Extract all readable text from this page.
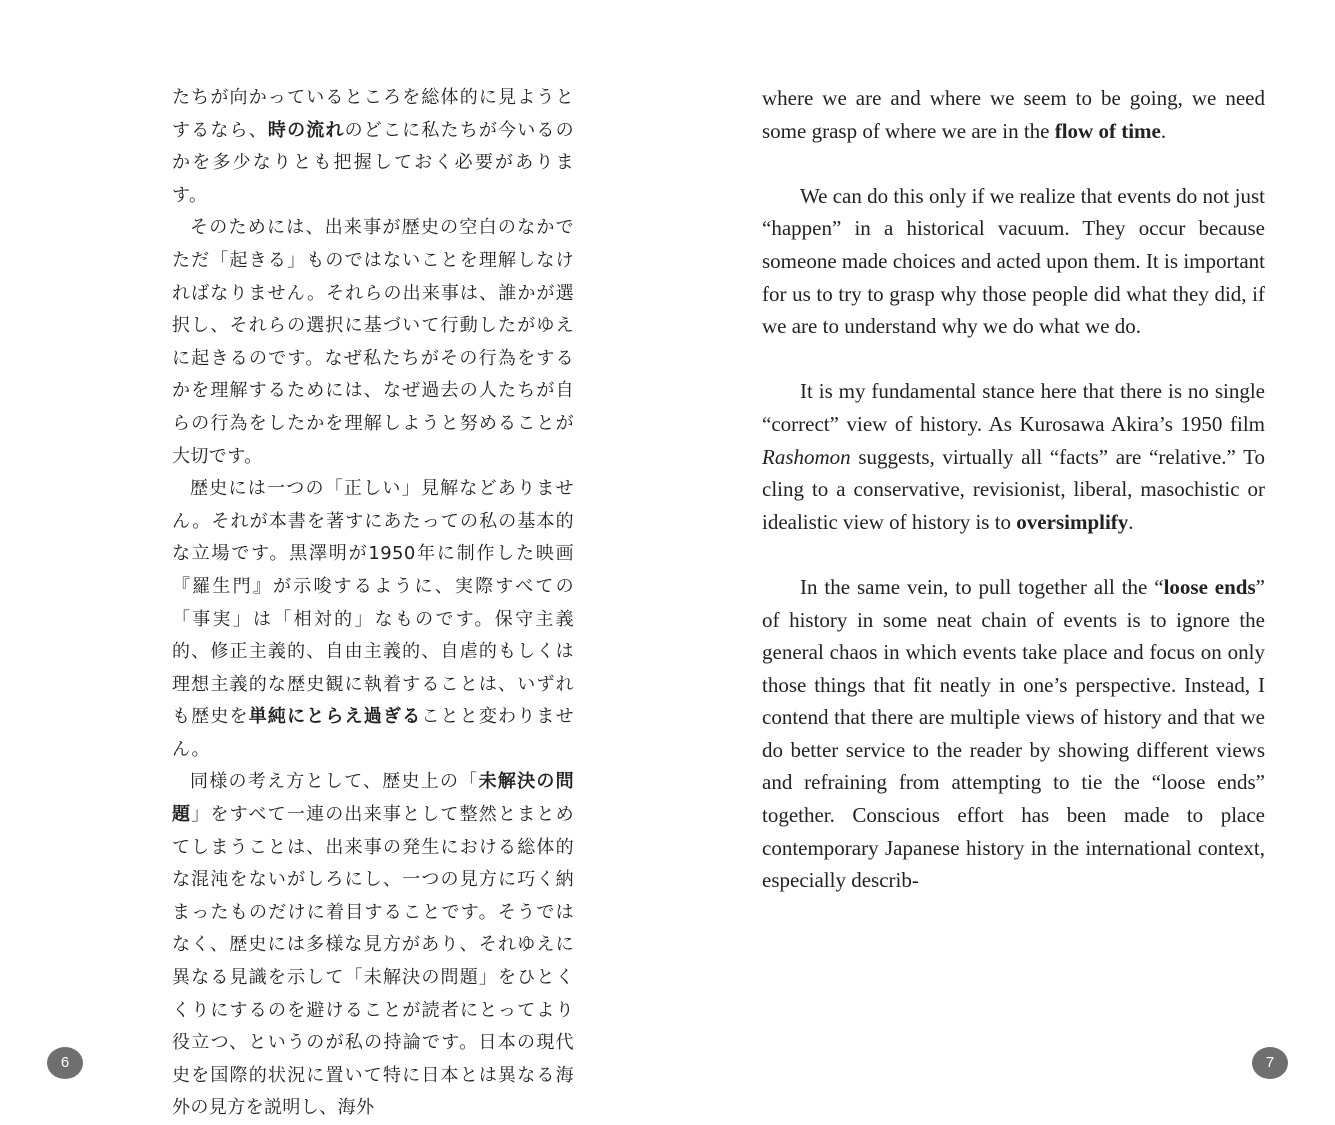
たちが向かっているところを総体的に見ようとするなら、時の流れのどこに私たちが今いるのかを多少なりとも把握しておく必要があります。

そのためには、出来事が歴史の空白のなかでただ「起きる」ものではないことを理解しなければなりません。それらの出来事は、誰かが選択し、それらの選択に基づいて行動したがゆえに起きるのです。なぜ私たちがその行為をするかを理解するためには、なぜ過去の人たちが自らの行為をしたかを理解しようと努めることが大切です。

歴史には一つの「正しい」見解などありません。それが本書を著すにあたっての私の基本的な立場です。黒澤明が1950年に制作した映画『羅生門』が示唆するように、実際すべての「事実」は「相対的」なものです。保守主義的、修正主義的、自由主義的、自虐的もしくは理想主義的な歴史観に執着することは、いずれも歴史を単純にとらえ過ぎることと変わりません。

同様の考え方として、歴史上の「未解決の問題」をすべて一連の出来事として整然とまとめてしまうことは、出来事の発生における総体的な混沌をないがしろにし、一つの見方に巧く納まったものだけに着目することです。そうではなく、歴史には多様な見方があり、それゆえに異なる見識を示して「未解決の問題」をひとくくりにするのを避けることが読者にとってより役立つ、というのが私の持論です。日本の現代史を国際的状況に置いて特に日本とは異なる海外の見方を説明し、海外

6

where we are and where we seem to be going, we need some grasp of where we are in the flow of time.

We can do this only if we realize that events do not just “happen” in a historical vacuum. They occur because someone made choices and acted upon them. It is important for us to try to grasp why those people did what they did, if we are to understand why we do what we do.

It is my fundamental stance here that there is no single “correct” view of history. As Kurosawa Akira’s 1950 film Rashomon suggests, virtually all “facts” are “relative.” To cling to a conservative, revisionist, liberal, masochistic or idealistic view of history is to oversimplify.

In the same vein, to pull together all the “loose ends” of history in some neat chain of events is to ignore the general chaos in which events take place and focus on only those things that fit neatly in one’s perspective. Instead, I contend that there are multiple views of history and that we do better service to the reader by showing different views and refraining from attempting to tie the “loose ends” together. Conscious effort has been made to place contemporary Japanese history in the international context, especially describ-

7
